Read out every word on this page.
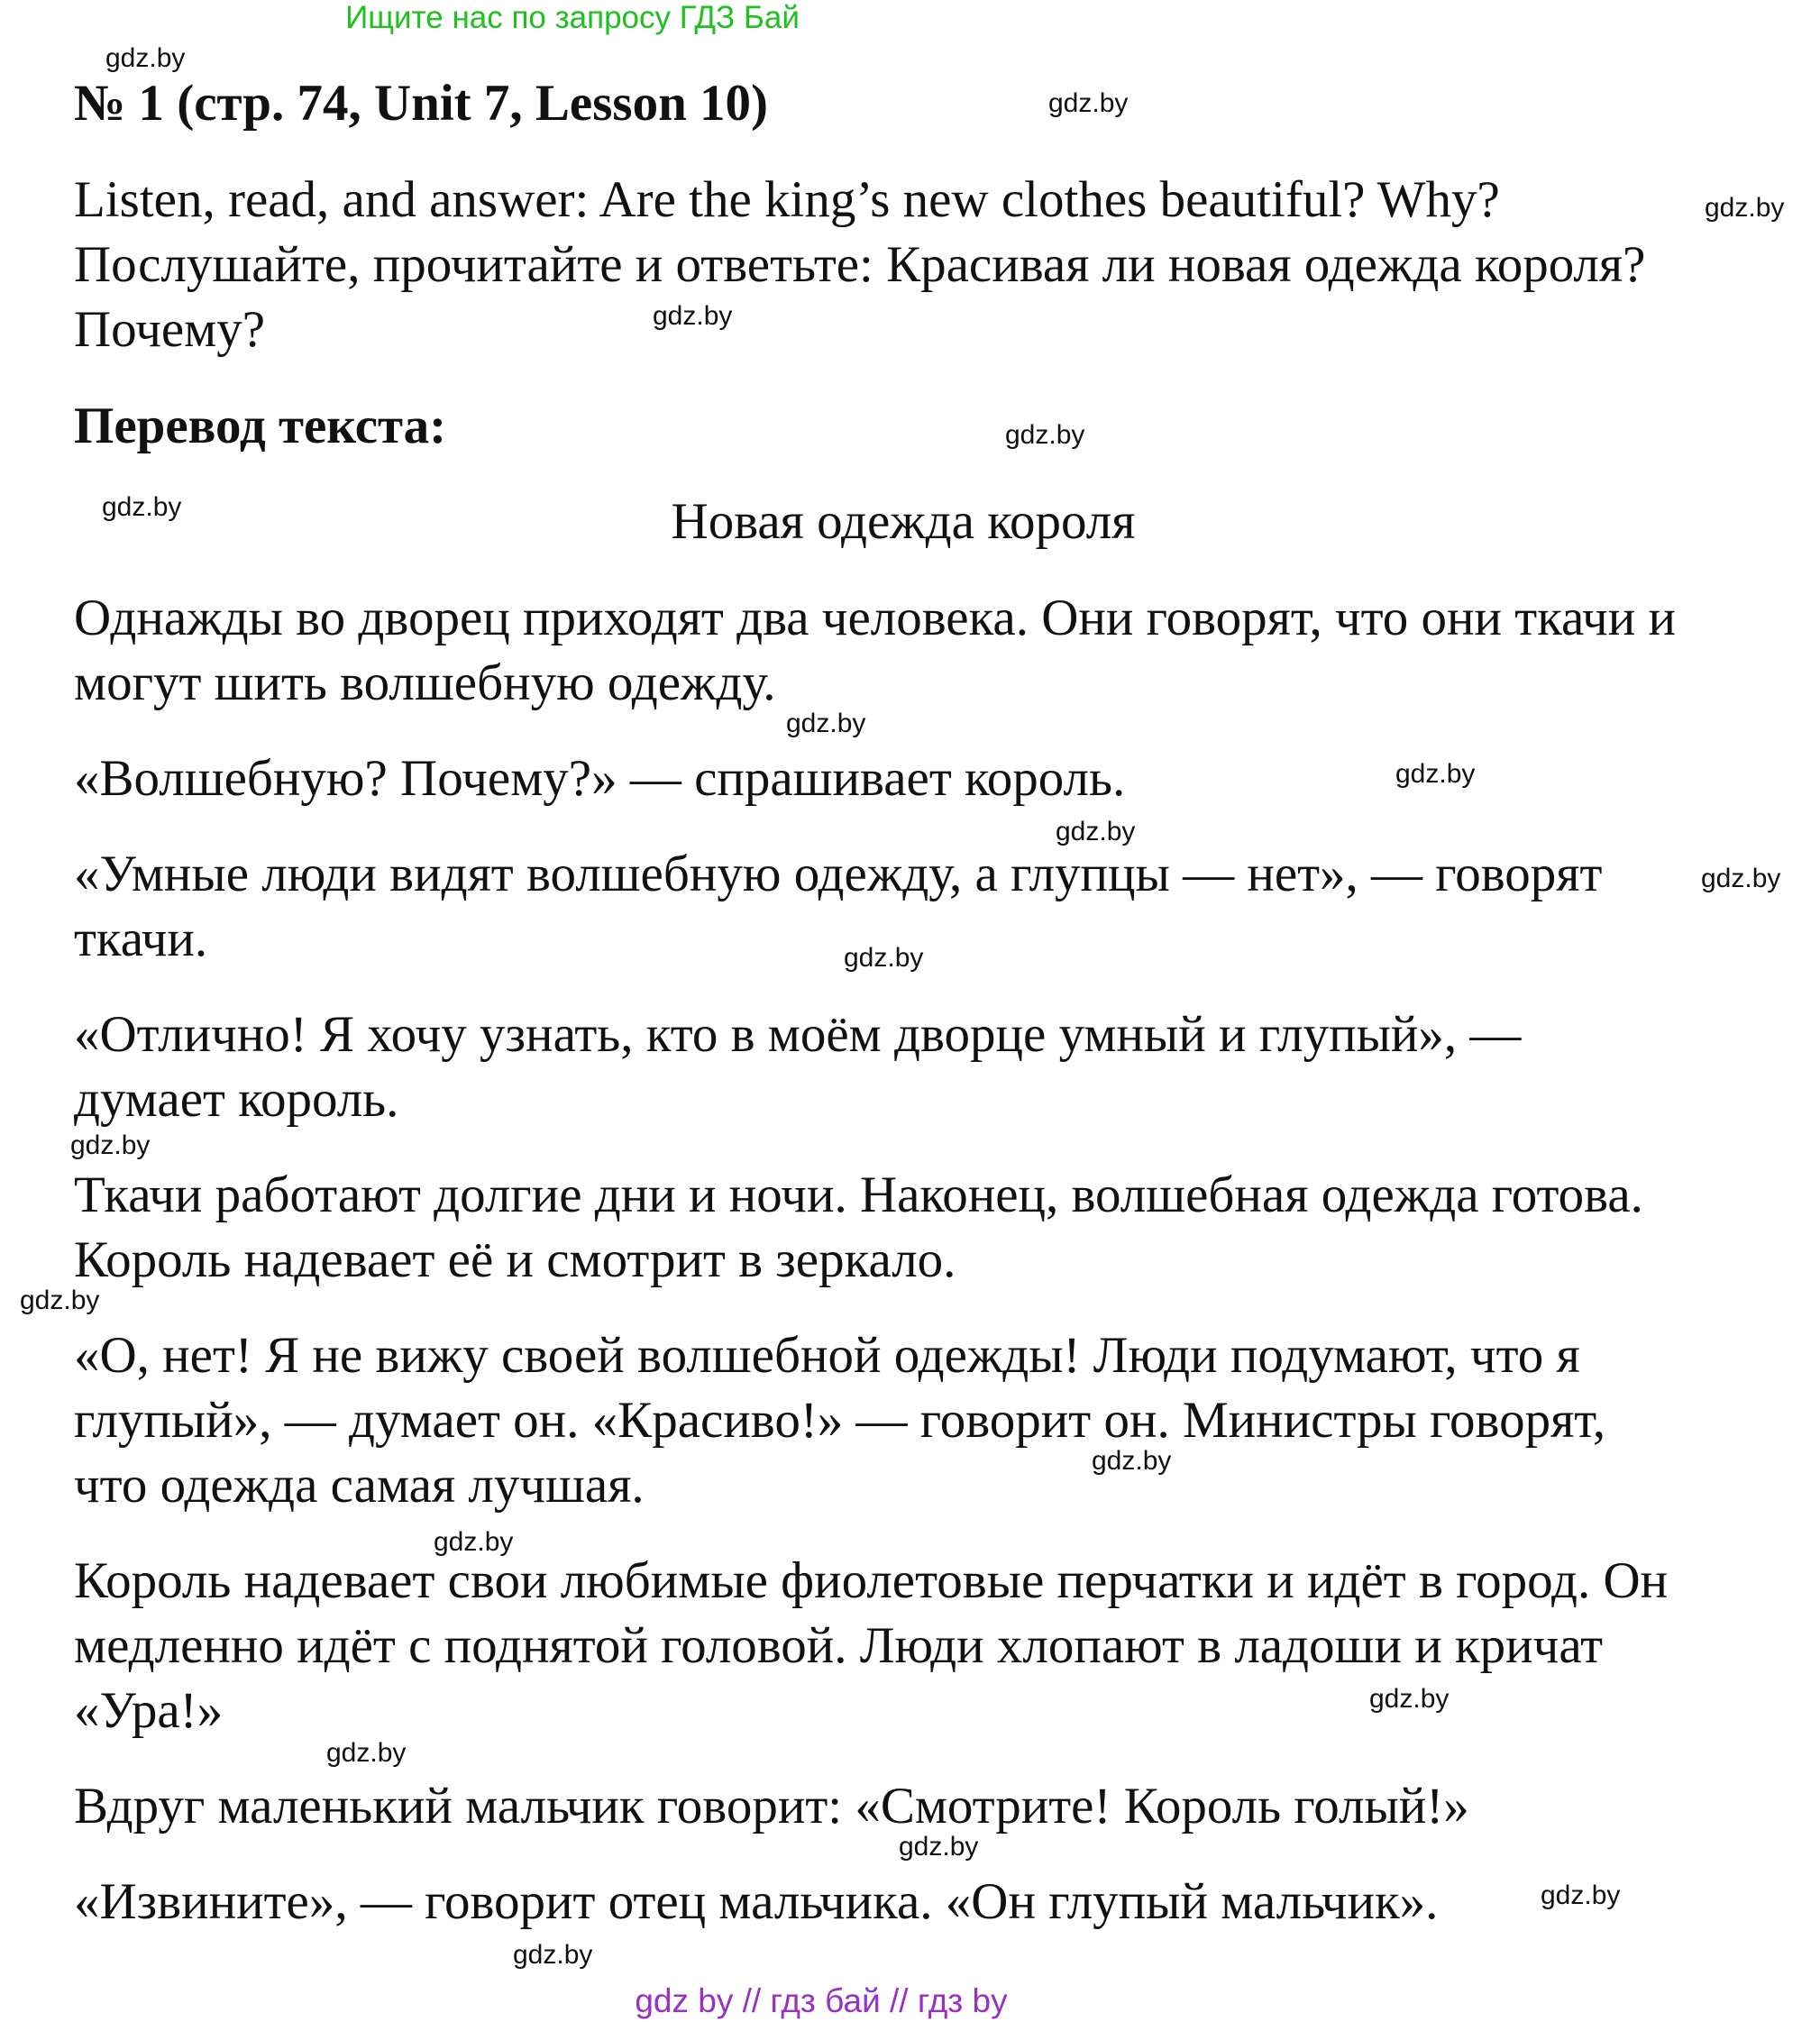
Ищите нас по запросу ГДЗ Бай
№ 1 (стр. 74, Unit 7, Lesson 10)
Listen, read, and answer: Are the king’s new clothes beautiful? Why?
Послушайте, прочитайте и ответьте: Красивая ли новая одежда короля?
Почему?
Перевод текста:
Новая одежда короля
Однажды во дворец приходят два человека. Они говорят, что они ткачи и
могут шить волшебную одежду.
«Волшебную? Почему?» — спрашивает король.
«Умные люди видят волшебную одежду, а глупцы — нет», — говорят
ткачи.
«Отлично! Я хочу узнать, кто в моём дворце умный и глупый», —
думает король.
Ткачи работают долгие дни и ночи. Наконец, волшебная одежда готова.
Король надевает её и смотрит в зеркало.
«О, нет! Я не вижу своей волшебной одежды! Люди подумают, что я
глупый», — думает он. «Красиво!» — говорит он. Министры говорят,
что одежда самая лучшая.
Король надевает свои любимые фиолетовые перчатки и идёт в город. Он
медленно идёт с поднятой головой. Люди хлопают в ладоши и кричат
«Ура!»
Вдруг маленький мальчик говорит: «Смотрите! Король голый!»
«Извините», — говорит отец мальчика. «Он глупый мальчик».
gdz.by
gdz.by
gdz.by
gdz.by
gdz.by
gdz.by
gdz.by
gdz.by
gdz.by
gdz.by
gdz.by
gdz.by
gdz.by
gdz.by
gdz.by
gdz.by
gdz.by
gdz.by
gdz.by
gdz.by
gdz by // гдз бай // гдз by
